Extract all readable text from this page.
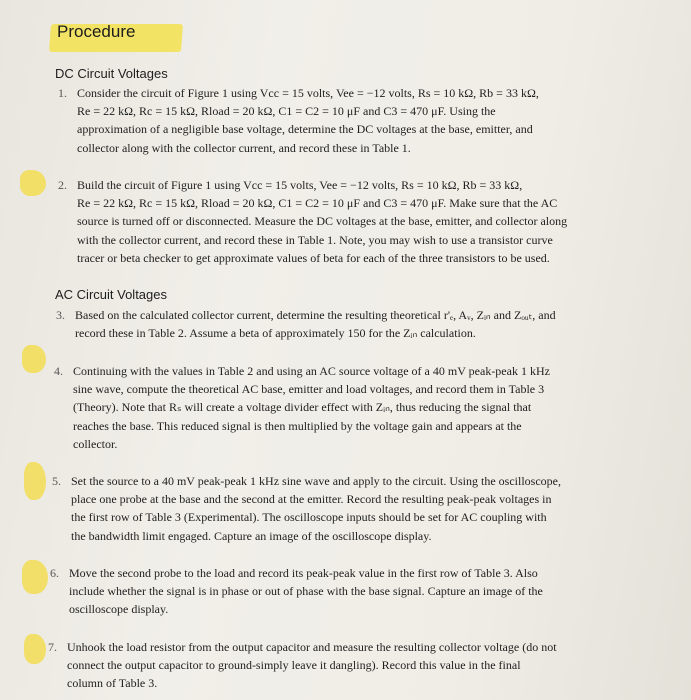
Procedure
DC Circuit Voltages
1. Consider the circuit of Figure 1 using Vcc = 15 volts, Vee = −12 volts, Rs = 10 kΩ, Rb = 33 kΩ,
Re = 22 kΩ, Rc = 15 kΩ, Rload = 20 kΩ, C1 = C2 = 10 μF and C3 = 470 μF. Using the
approximation of a negligible base voltage, determine the DC voltages at the base, emitter, and
collector along with the collector current, and record these in Table 1.
2. Build the circuit of Figure 1 using Vcc = 15 volts, Vee = −12 volts, Rs = 10 kΩ, Rb = 33 kΩ,
Re = 22 kΩ, Rc = 15 kΩ, Rload = 20 kΩ, C1 = C2 = 10 μF and C3 = 470 μF. Make sure that the AC
source is turned off or disconnected. Measure the DC voltages at the base, emitter, and collector along
with the collector current, and record these in Table 1. Note, you may wish to use a transistor curve
tracer or beta checker to get approximate values of beta for each of the three transistors to be used.
AC Circuit Voltages
3. Based on the calculated collector current, determine the resulting theoretical r'ₑ, Aᵥ, Zᵢₙ and Zₒᵤₜ, and
record these in Table 2. Assume a beta of approximately 150 for the Zᵢₙ calculation.
4. Continuing with the values in Table 2 and using an AC source voltage of a 40 mV peak-peak 1 kHz
sine wave, compute the theoretical AC base, emitter and load voltages, and record them in Table 3
(Theory). Note that Rₛ will create a voltage divider effect with Zᵢₙ, thus reducing the signal that
reaches the base. This reduced signal is then multiplied by the voltage gain and appears at the
collector.
5. Set the source to a 40 mV peak-peak 1 kHz sine wave and apply to the circuit. Using the oscilloscope,
place one probe at the base and the second at the emitter. Record the resulting peak-peak voltages in
the first row of Table 3 (Experimental). The oscilloscope inputs should be set for AC coupling with
the bandwidth limit engaged. Capture an image of the oscilloscope display.
6. Move the second probe to the load and record its peak-peak value in the first row of Table 3. Also
include whether the signal is in phase or out of phase with the base signal. Capture an image of the
oscilloscope display.
7. Unhook the load resistor from the output capacitor and measure the resulting collector voltage (do not
connect the output capacitor to ground-simply leave it dangling). Record this value in the final
column of Table 3.
